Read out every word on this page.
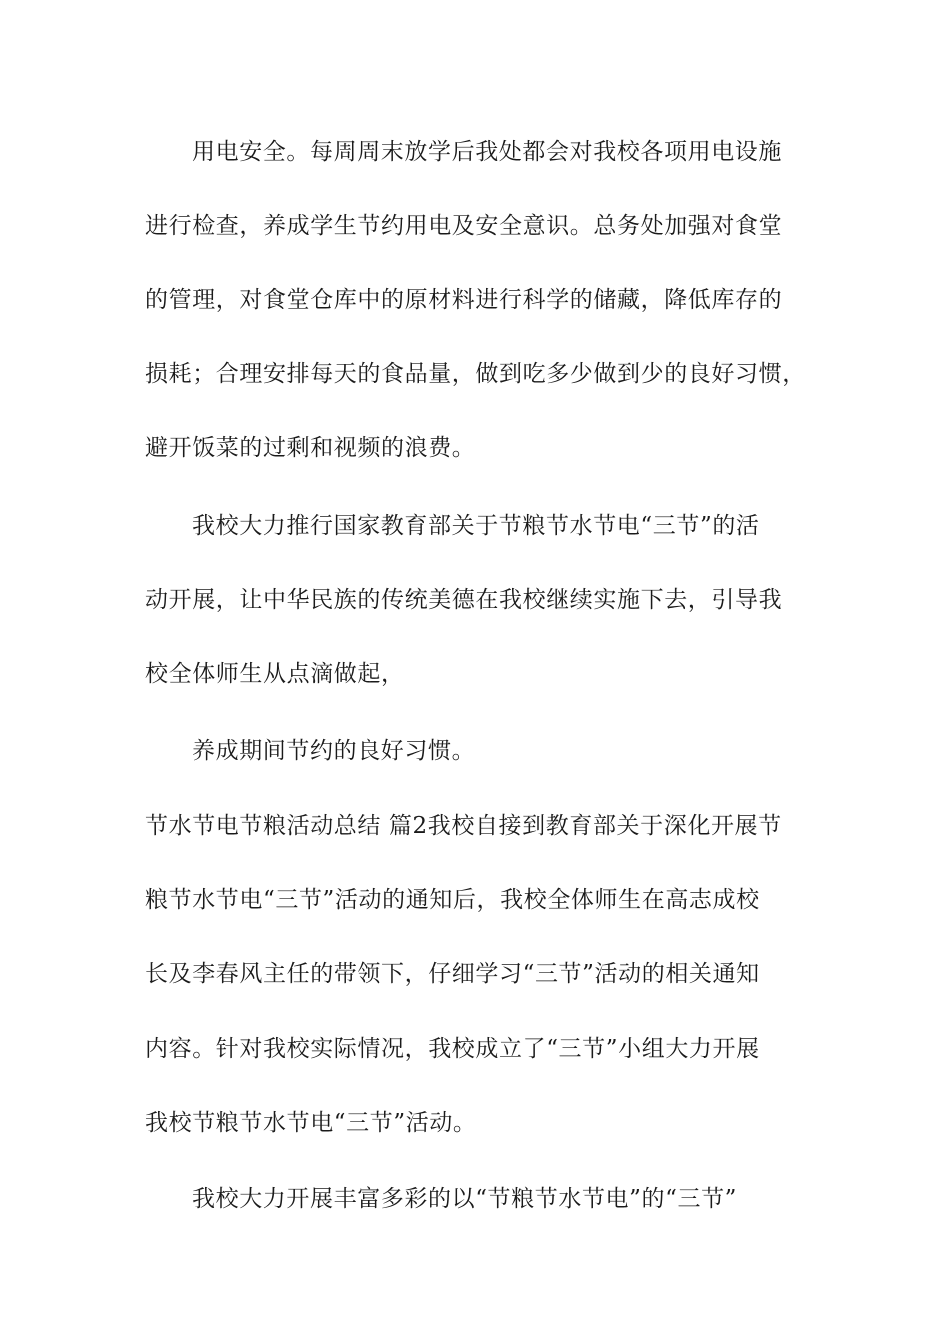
用电安全。每周周末放学后我处都会对我校各项用电设施
进行检查，养成学生节约用电及安全意识。总务处加强对食堂
的管理，对食堂仓库中的原材料进行科学的储藏，降低库存的
损耗；合理安排每天的食品量，做到吃多少做到少的良好习惯，
避开饭菜的过剩和视频的浪费。
我校大力推行国家教育部关于节粮节水节电“三节”的活
动开展，让中华民族的传统美德在我校继续实施下去，引导我
校全体师生从点滴做起，
养成期间节约的良好习惯。
节水节电节粮活动总结 篇2我校自接到教育部关于深化开展节
粮节水节电“三节”活动的通知后，我校全体师生在高志成校
长及李春风主任的带领下，仔细学习“三节”活动的相关通知
内容。针对我校实际情况，我校成立了“三节”小组大力开展
我校节粮节水节电“三节”活动。
我校大力开展丰富多彩的以“节粮节水节电”的“三节”
